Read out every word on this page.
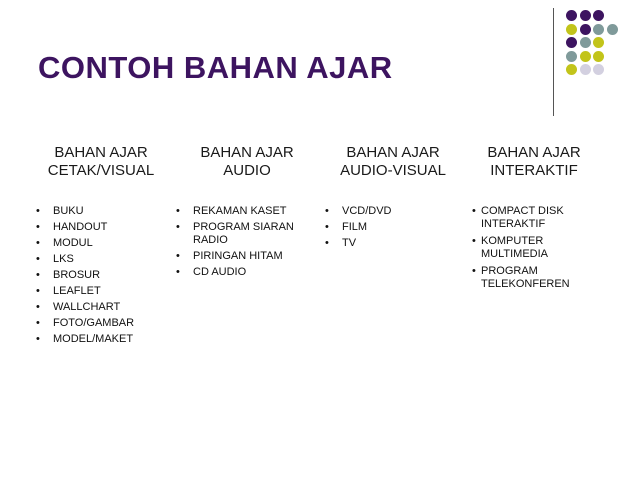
CONTOH BAHAN AJAR
BAHAN AJAR
CETAK/VISUAL
BAHAN AJAR
AUDIO
BAHAN AJAR
AUDIO-VISUAL
BAHAN AJAR
INTERAKTIF
• BUKU
• HANDOUT
• MODUL
• LKS
• BROSUR
• LEAFLET
• WALLCHART
• FOTO/GAMBAR
• MODEL/MAKET
• REKAMAN KASET
• PROGRAM SIARAN RADIO
• PIRINGAN HITAM
• CD AUDIO
• VCD/DVD
• FILM
• TV
• COMPACT DISK INTERAKTIF
• KOMPUTER MULTIMEDIA
• PROGRAM TELEKONFEREN
